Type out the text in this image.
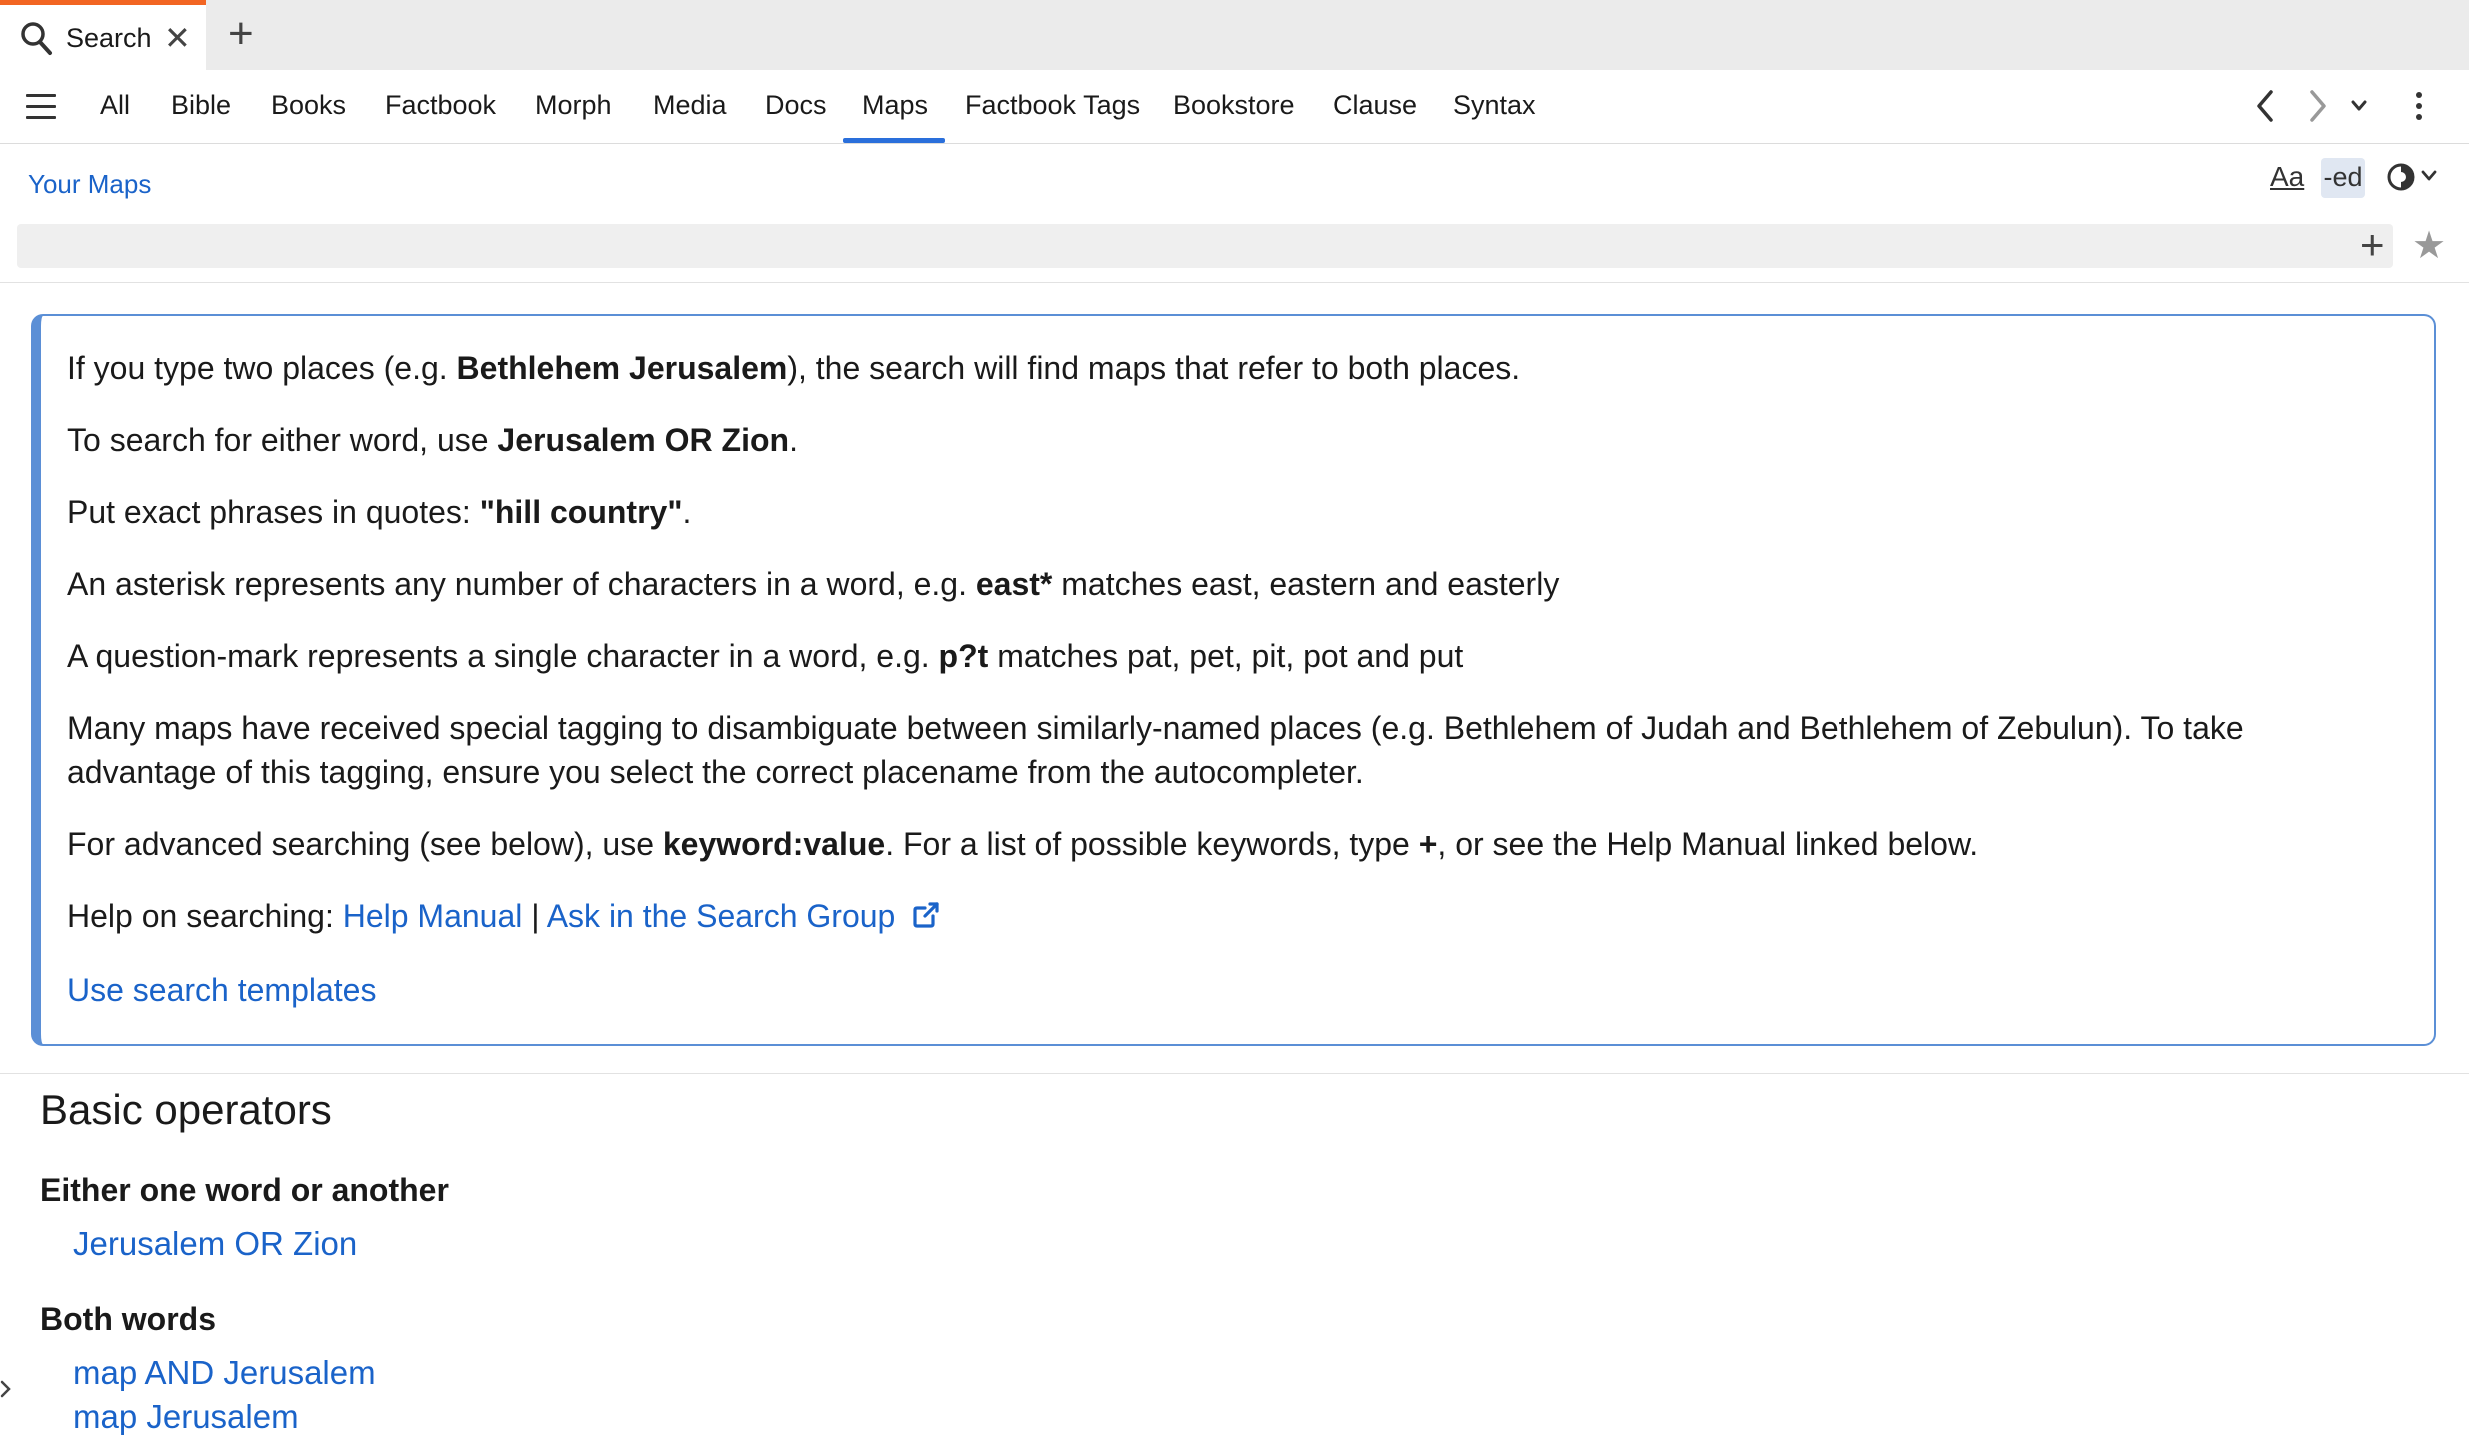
Search ✕ +
All Bible Books Factbook Morph Media Docs Maps Factbook Tags Bookstore Clause Syntax
Your Maps	Aa -ed
+ ★

If you type two places (e.g. Bethlehem Jerusalem), the search will find maps that refer to both places.

To search for either word, use Jerusalem OR Zion.

Put exact phrases in quotes: "hill country".

An asterisk represents any number of characters in a word, e.g. east* matches east, eastern and easterly

A question-mark represents a single character in a word, e.g. p?t matches pat, pet, pit, pot and put

Many maps have received special tagging to disambiguate between similarly-named places (e.g. Bethlehem of Judah and Bethlehem of Zebulun). To take advantage of this tagging, ensure you select the correct placename from the autocompleter.

For advanced searching (see below), use keyword:value. For a list of possible keywords, type +, or see the Help Manual linked below.

Help on searching: Help Manual | Ask in the Search Group

Use search templates

Basic operators
Either one word or another
Jerusalem OR Zion
Both words
map AND Jerusalem
map Jerusalem
